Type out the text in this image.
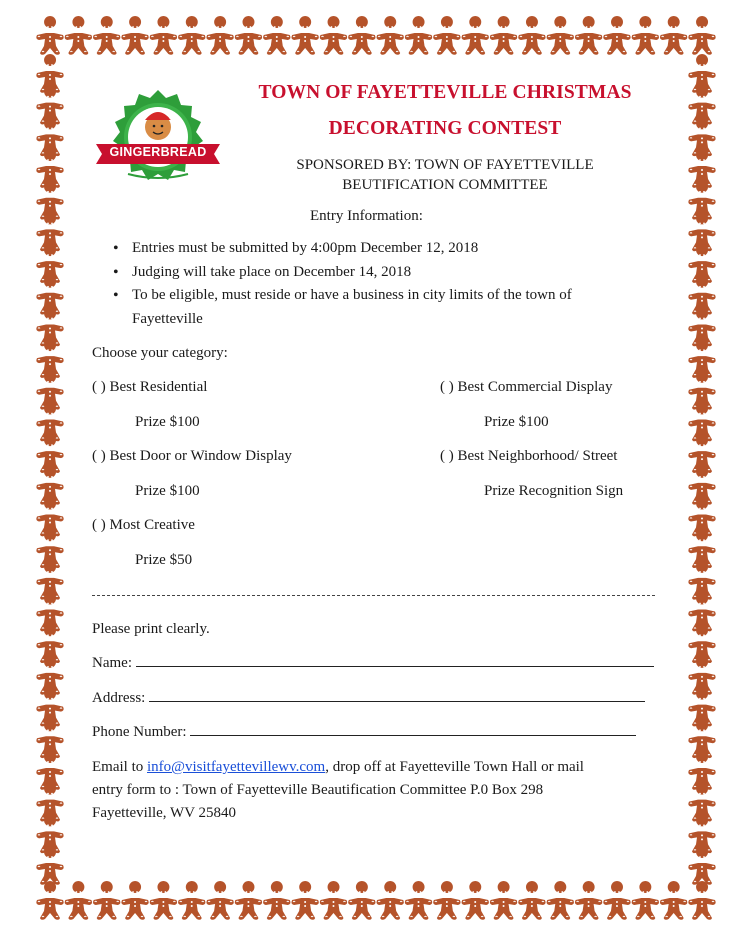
GINGERBREAD
TOWN OF FAYETTEVILLE CHRISTMAS
DECORATING CONTEST
SPONSORED BY: TOWN OF FAYETTEVILLE
BEUTIFICATION COMMITTEE
Entry Information:
• Entries must be submitted by 4:00pm December 12, 2018
• Judging will take place on December 14, 2018
• To be eligible, must reside or have a business in city limits of the town of
Fayetteville
Choose your category:
( ) Best Residential
Prize $100
( ) Best Commercial Display
Prize $100
( ) Best Door or Window Display
Prize $100
( ) Best Neighborhood/ Street
Prize Recognition Sign
( ) Most Creative
Prize $50
Please print clearly.
Name:
Address:
Phone Number:
Email to info@visitfayettevillewv.com, drop off at Fayetteville Town Hall or mail
entry form to : Town of Fayetteville Beautification Committee P.0 Box 298
Fayetteville, WV 25840
